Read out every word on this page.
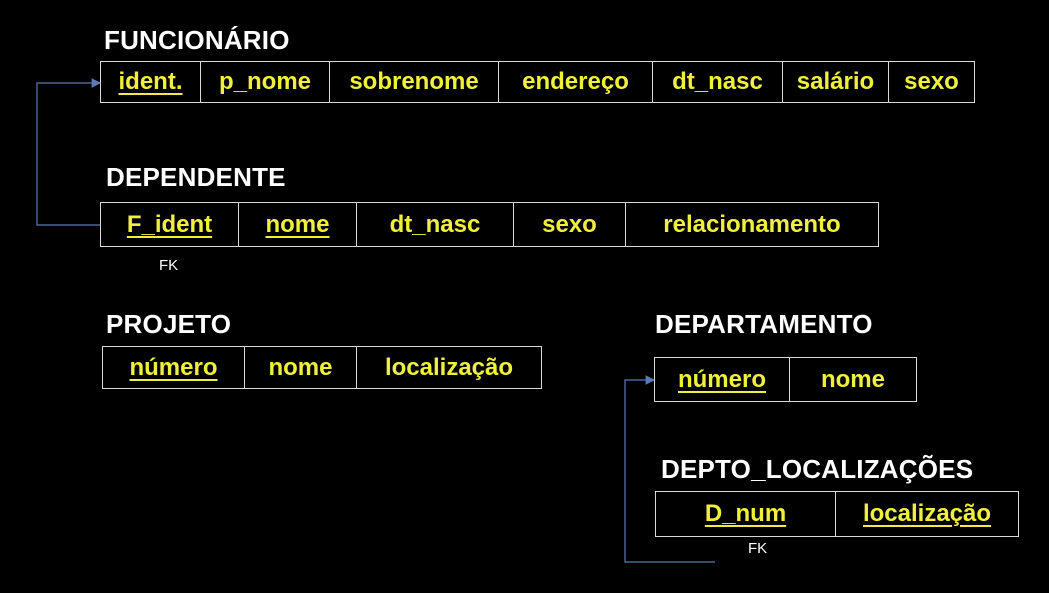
FUNCIONÁRIO
ident.	p_nome	sobrenome	endereço	dt_nasc	salário	sexo
DEPENDENTE
F_ident	nome	dt_nasc	sexo	relacionamento
FK
PROJETO
número	nome	localização
DEPARTAMENTO
número	nome
DEPTO_LOCALIZAÇÕES
D_num	localização
FK
